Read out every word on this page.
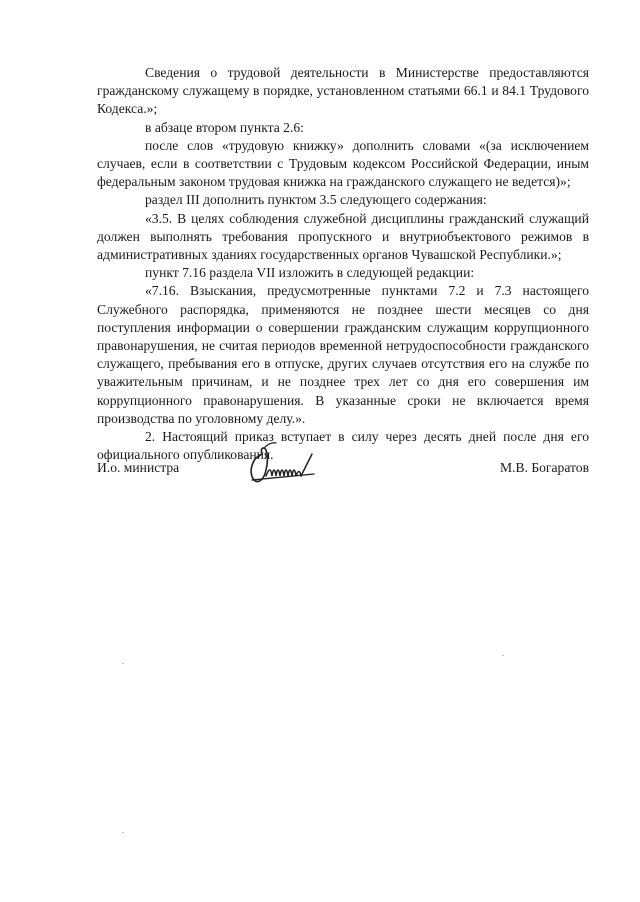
Сведения о трудовой деятельности в Министерстве предоставляются гражданскому служащему в порядке, установленном статьями 66.1 и 84.1 Трудового Кодекса.»;

в абзаце втором пункта 2.6:

после слов «трудовую книжку» дополнить словами «(за исключением случаев, если в соответствии с Трудовым кодексом Российской Федерации, иным федеральным законом трудовая книжка на гражданского служащего не ведется)»;

раздел III дополнить пунктом 3.5 следующего содержания:

«3.5. В целях соблюдения служебной дисциплины гражданский служащий должен выполнять требования пропускного и внутриобъектового режимов в административных зданиях государственных органов Чувашской Республики.»;

пункт 7.16 раздела VII изложить в следующей редакции:

«7.16. Взыскания, предусмотренные пунктами 7.2 и 7.3 настоящего Служебного распорядка, применяются не позднее шести месяцев со дня поступления информации о совершении гражданским служащим коррупционного правонарушения, не считая периодов временной нетрудоспособности гражданского служащего, пребывания его в отпуске, других случаев отсутствия его на службе по уважительным причинам, и не позднее трех лет со дня его совершения им коррупционного правонарушения. В указанные сроки не включается время производства по уголовному делу.».

2. Настоящий приказ вступает в силу через десять дней после дня его официального опубликования.

И.о. министра	М.В. Богаратов
